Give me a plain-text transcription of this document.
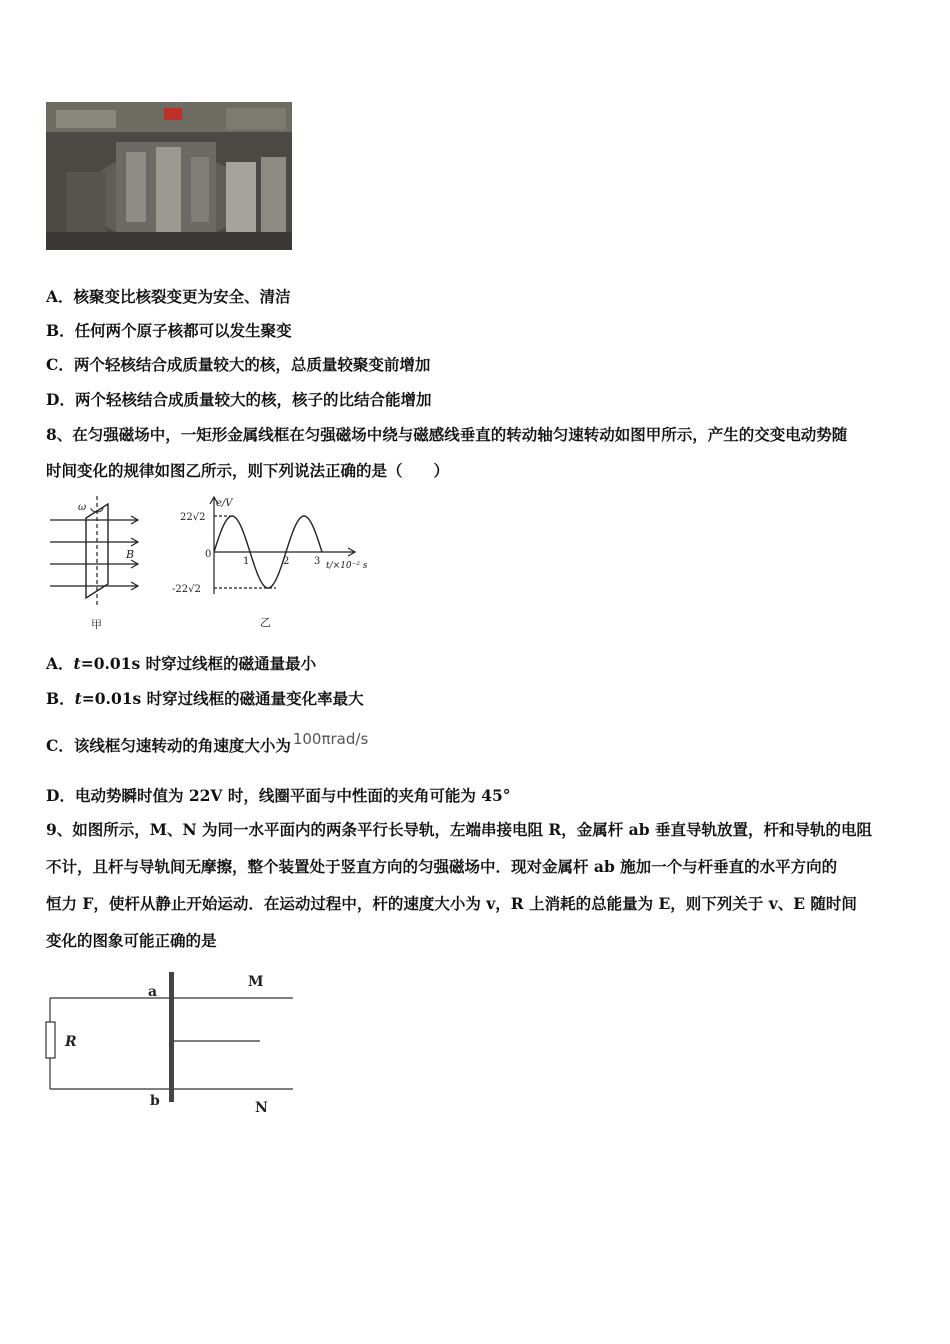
A．核聚变比核裂变更为安全、清洁
B．任何两个原子核都可以发生聚变
C．两个轻核结合成质量较大的核，总质量较聚变前增加
D．两个轻核结合成质量较大的核，核子的比结合能增加
8、在匀强磁场中，一矩形金属线框在匀强磁场中绕与磁感线垂直的转动轴匀速转动如图甲所示，产生的交变电动势随
时间变化的规律如图乙所示，则下列说法正确的是（　　）
ω
B
甲
e/V
22√2
-22√2
0
1	2 3 t/×10⁻² s
乙
A．t=0.01s 时穿过线框的磁通量最小
B．t=0.01s 时穿过线框的磁通量变化率最大
C．该线框匀速转动的角速度大小为 100πrad/s
D．电动势瞬时值为 22V 时，线圈平面与中性面的夹角可能为 45°
9、如图所示，M、N 为同一水平面内的两条平行长导轨，左端串接电阻 R，金属杆 ab 垂直导轨放置，杆和导轨的电阻
不计，且杆与导轨间无摩擦，整个装置处于竖直方向的匀强磁场中．现对金属杆 ab 施加一个与杆垂直的水平方向的
恒力 F，使杆从静止开始运动．在运动过程中，杆的速度大小为 v，R 上消耗的总能量为 E，则下列关于 v、E 随时间
变化的图象可能正确的是
a
b
M
N
R
